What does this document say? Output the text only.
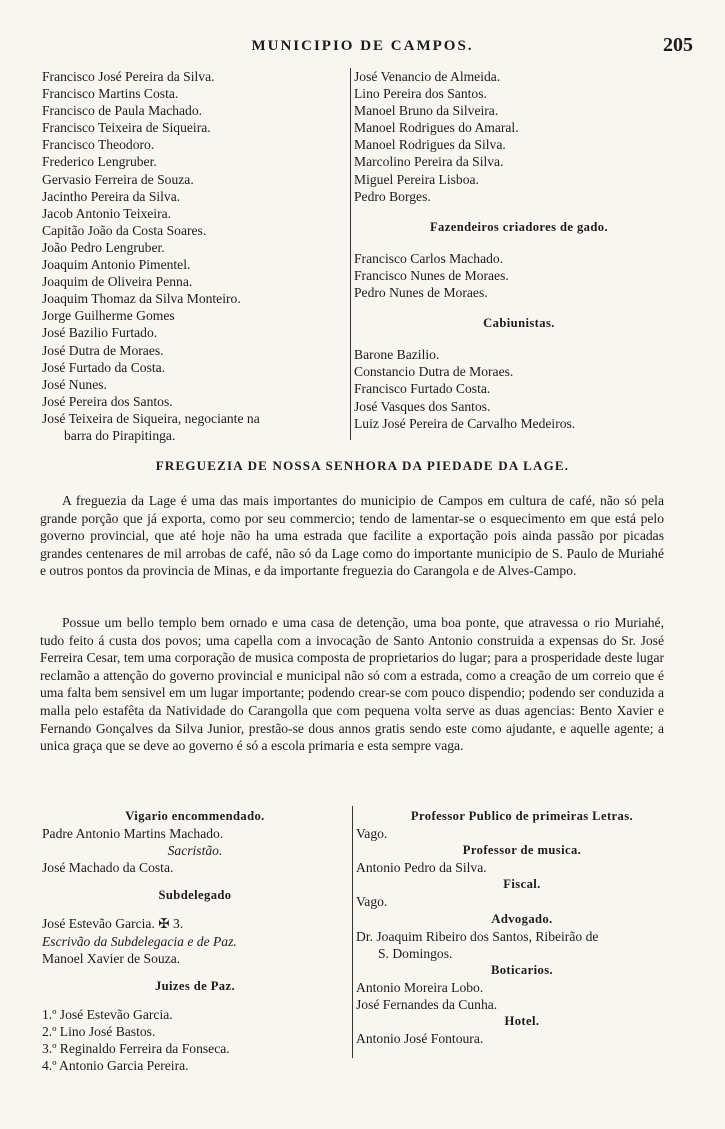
MUNICIPIO DE CAMPOS.	205
Francisco José Pereira da Silva.
Francisco Martins Costa.
Francisco de Paula Machado.
Francisco Teixeira de Siqueira.
Francisco Theodoro.
Frederico Lengruber.
Gervasio Ferreira de Souza.
Jacintho Pereira da Silva.
Jacob Antonio Teixeira.
Capitão João da Costa Soares.
João Pedro Lengruber.
Joaquim Antonio Pimentel.
Joaquim de Oliveira Penna.
Joaquim Thomaz da Silva Monteiro.
Jorge Guilherme Gomes
José Bazilio Furtado.
José Dutra de Moraes.
José Furtado da Costa.
José Nunes.
José Pereira dos Santos.
José Teixeira de Siqueira, negociante na
barra do Pirapitinga.
José Venancio de Almeida.
Lino Pereira dos Santos.
Manoel Bruno da Silveira.
Manoel Rodrigues do Amaral.
Manoel Rodrigues da Silva.
Marcolino Pereira da Silva.
Miguel Pereira Lisboa.
Pedro Borges.
Fazendeiros criadores de gado.
Francisco Carlos Machado.
Francisco Nunes de Moraes.
Pedro Nunes de Moraes.
Cabiunistas.
Barone Bazilio.
Constancio Dutra de Moraes.
Francisco Furtado Costa.
José Vasques dos Santos.
Luiz José Pereira de Carvalho Medeiros.
FREGUEZIA DE NOSSA SENHORA DA PIEDADE DA LAGE.

A freguezia da Lage é uma das mais importantes do municipio de Campos em cultura de café, não só pela grande porção que já exporta, como por seu commercio; tendo de lamentar-se o esquecimento em que está pelo governo provincial, que até hoje não ha uma estrada que facilite a exportação pois ainda passão por picadas grandes centenares de mil arrobas de café, não só da Lage como do importante municipio de S. Paulo de Muriahé e outros pontos da provincia de Minas, e da importante freguezia do Carangola e de Alves-Campo.

Possue um bello templo bem ornado e uma casa de detenção, uma boa ponte, que atravessa o rio Muriahé, tudo feito á custa dos povos; uma capella com a invocação de Santo Antonio construida a expensas do Sr. José Ferreira Cesar, tem uma corporação de musica composta de proprietarios do lugar; para a prosperidade deste lugar reclamão a attenção do governo provincial e municipal não só com a estrada, como a creação de um correio que é uma falta bem sensivel em um lugar importante; podendo crear-se com pouco dispendio; podendo ser conduzida a malla pelo estafêta da Natividade do Carangolla que com pequena volta serve as duas agencias: Bento Xavier e Fernando Gonçalves da Silva Junior, prestão-se dous annos gratis sendo este como ajudante, e aquelle agente; a unica graça que se deve ao governo é só a escola primaria e esta sempre vaga.

Vigario encommendado.
Padre Antonio Martins Machado.
Sacristão.
José Machado da Costa.
Subdelegado
José Estevão Garcia. ✠ 3.
Escrivão da Subdelegacia e de Paz.
Manoel Xavier de Souza.
Juizes de Paz.
1.º José Estevão Garcia.
2.º Lino José Bastos.
3.º Reginaldo Ferreira da Fonseca.
4.º Antonio Garcia Pereira.
Professor Publico de primeiras Letras.
Vago.
Professor de musica.
Antonio Pedro da Silva.
Fiscal.
Vago.
Advogado.
Dr. Joaquim Ribeiro dos Santos, Ribeirão de
S. Domingos.
Boticarios.
Antonio Moreira Lobo.
José Fernandes da Cunha.
Hotel.
Antonio José Fontoura.
